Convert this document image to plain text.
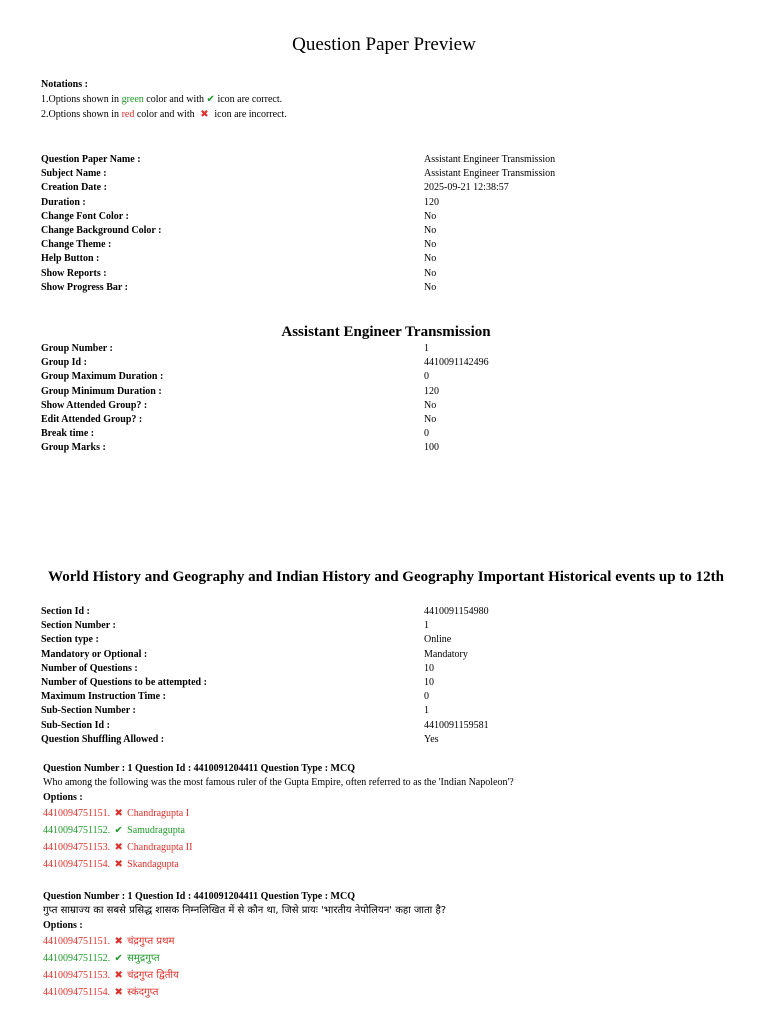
Question Paper Preview
Notations :
1.Options shown in green color and with ✔ icon are correct.
2.Options shown in red color and with  ✖  icon are incorrect.
Question Paper Name :	Assistant Engineer Transmission
Subject Name :	Assistant Engineer Transmission
Creation Date :	2025-09-21 12:38:57
Duration :	120
Change Font Color :	No
Change Background Color :	No
Change Theme :	No
Help Button :	No
Show Reports :	No
Show Progress Bar :	No
Assistant Engineer Transmission
Group Number :	1
Group Id :	4410091142496
Group Maximum Duration :	0
Group Minimum Duration :	120
Show Attended Group? :	No
Edit Attended Group? :	No
Break time :	0
Group Marks :	100
World History and Geography and Indian History and Geography Important Historical events up to 12th
Section Id :	4410091154980
Section Number :	1
Section type :	Online
Mandatory or Optional :	Mandatory
Number of Questions :	10
Number of Questions to be attempted :	10
Maximum Instruction Time :	0
Sub-Section Number :	1
Sub-Section Id :	4410091159581
Question Shuffling Allowed :	Yes
Question Number : 1 Question Id : 4410091204411 Question Type : MCQ
Who among the following was the most famous ruler of the Gupta Empire, often referred to as the 'Indian Napoleon'?
Options :
4410094751151. ✖ Chandragupta I
4410094751152. ✔ Samudragupta
4410094751153. ✖ Chandragupta II
4410094751154. ✖ Skandagupta
Question Number : 1 Question Id : 4410091204411 Question Type : MCQ
गुप्त साम्राज्य का सबसे प्रसिद्ध शासक निम्नलिखित में से कौन था, जिसे प्रायः 'भारतीय नेपोलियन' कहा जाता है?
Options :
4410094751151. ✖ चंद्रगुप्त प्रथम
4410094751152. ✔ समुद्रगुप्त
4410094751153. ✖ चंद्रगुप्त द्वितीय
4410094751154. ✖ स्कंदगुप्त
